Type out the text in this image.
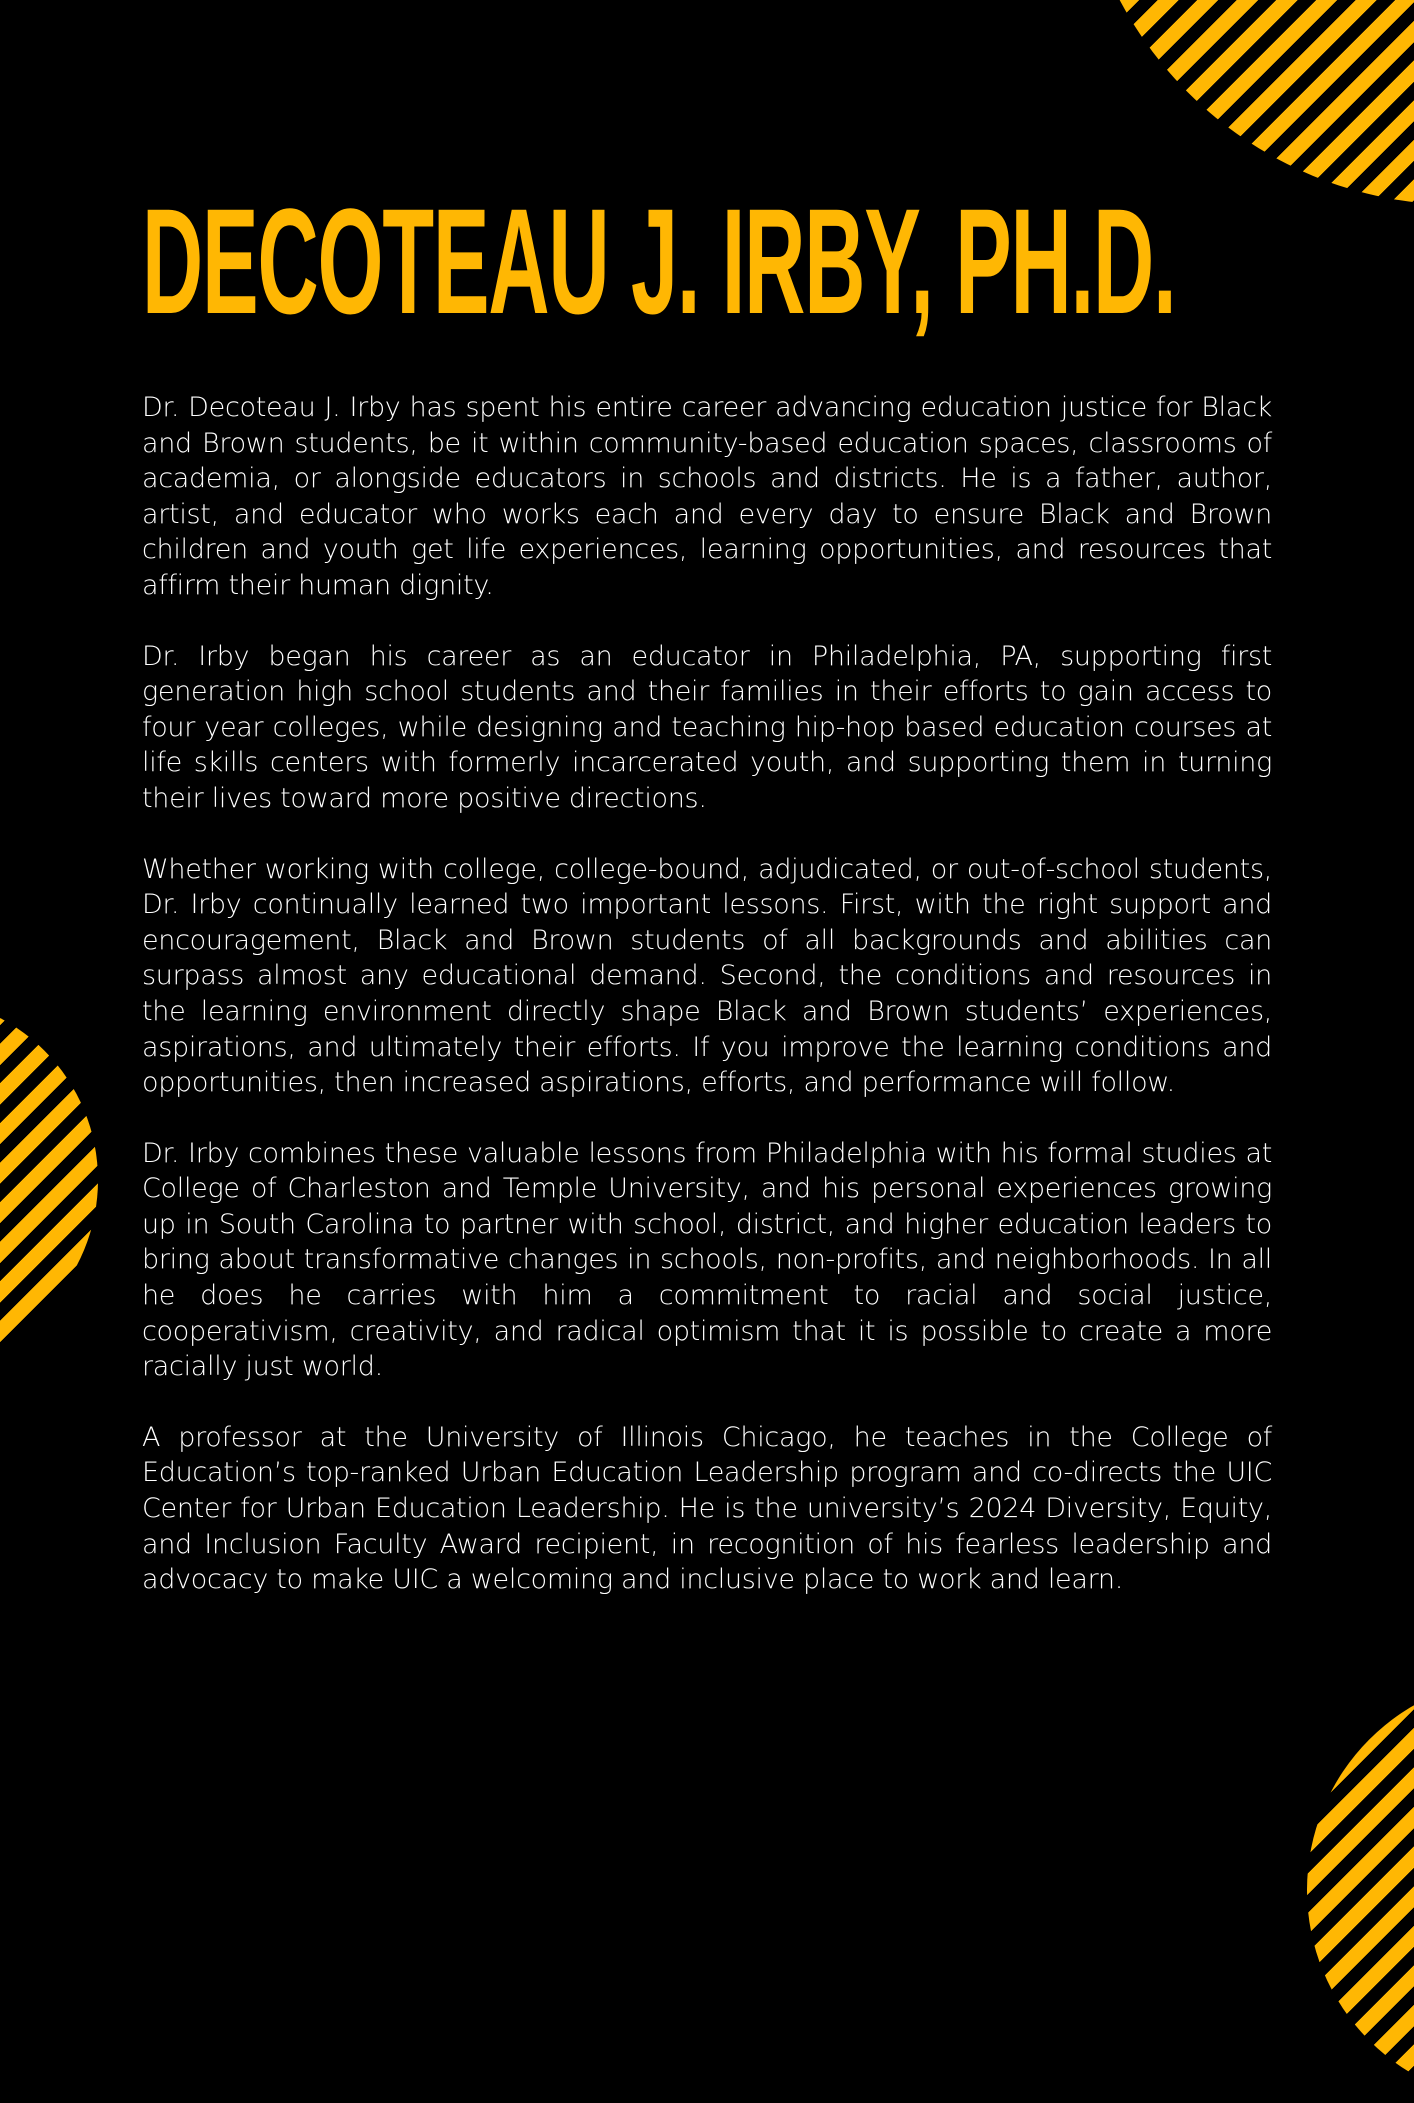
DECOTEAU J. IRBY, PH.D.

Dr. Decoteau J. Irby has spent his entire career advancing education justice for Black and Brown students, be it within community-based education spaces, classrooms of academia, or alongside educators in schools and districts. He is a father, author, artist, and educator who works each and every day to ensure Black and Brown children and youth get life experiences, learning opportunities, and resources that affirm their human dignity.

Dr. Irby began his career as an educator in Philadelphia, PA, supporting first generation high school students and their families in their efforts to gain access to four year colleges, while designing and teaching hip-hop based education courses at life skills centers with formerly incarcerated youth, and supporting them in turning their lives toward more positive directions.

Whether working with college, college-bound, adjudicated, or out-of-school students, Dr. Irby continually learned two important lessons. First, with the right support and encouragement, Black and Brown students of all backgrounds and abilities can surpass almost any educational demand. Second, the conditions and resources in the learning environment directly shape Black and Brown students’ experiences, aspirations, and ultimately their efforts. If you improve the learning conditions and opportunities, then increased aspirations, efforts, and performance will follow.

Dr. Irby combines these valuable lessons from Philadelphia with his formal studies at College of Charleston and Temple University, and his personal experiences growing up in South Carolina to partner with school, district, and higher education leaders to bring about transformative changes in schools, non-profits, and neighborhoods. In all he does he carries with him a commitment to racial and social justice, cooperativism, creativity, and radical optimism that it is possible to create a more racially just world.

A professor at the University of Illinois Chicago, he teaches in the College of Education’s top-ranked Urban Education Leadership program and co-directs the UIC Center for Urban Education Leadership. He is the university’s 2024 Diversity, Equity, and Inclusion Faculty Award recipient, in recognition of his fearless leadership and advocacy to make UIC a welcoming and inclusive place to work and learn.
